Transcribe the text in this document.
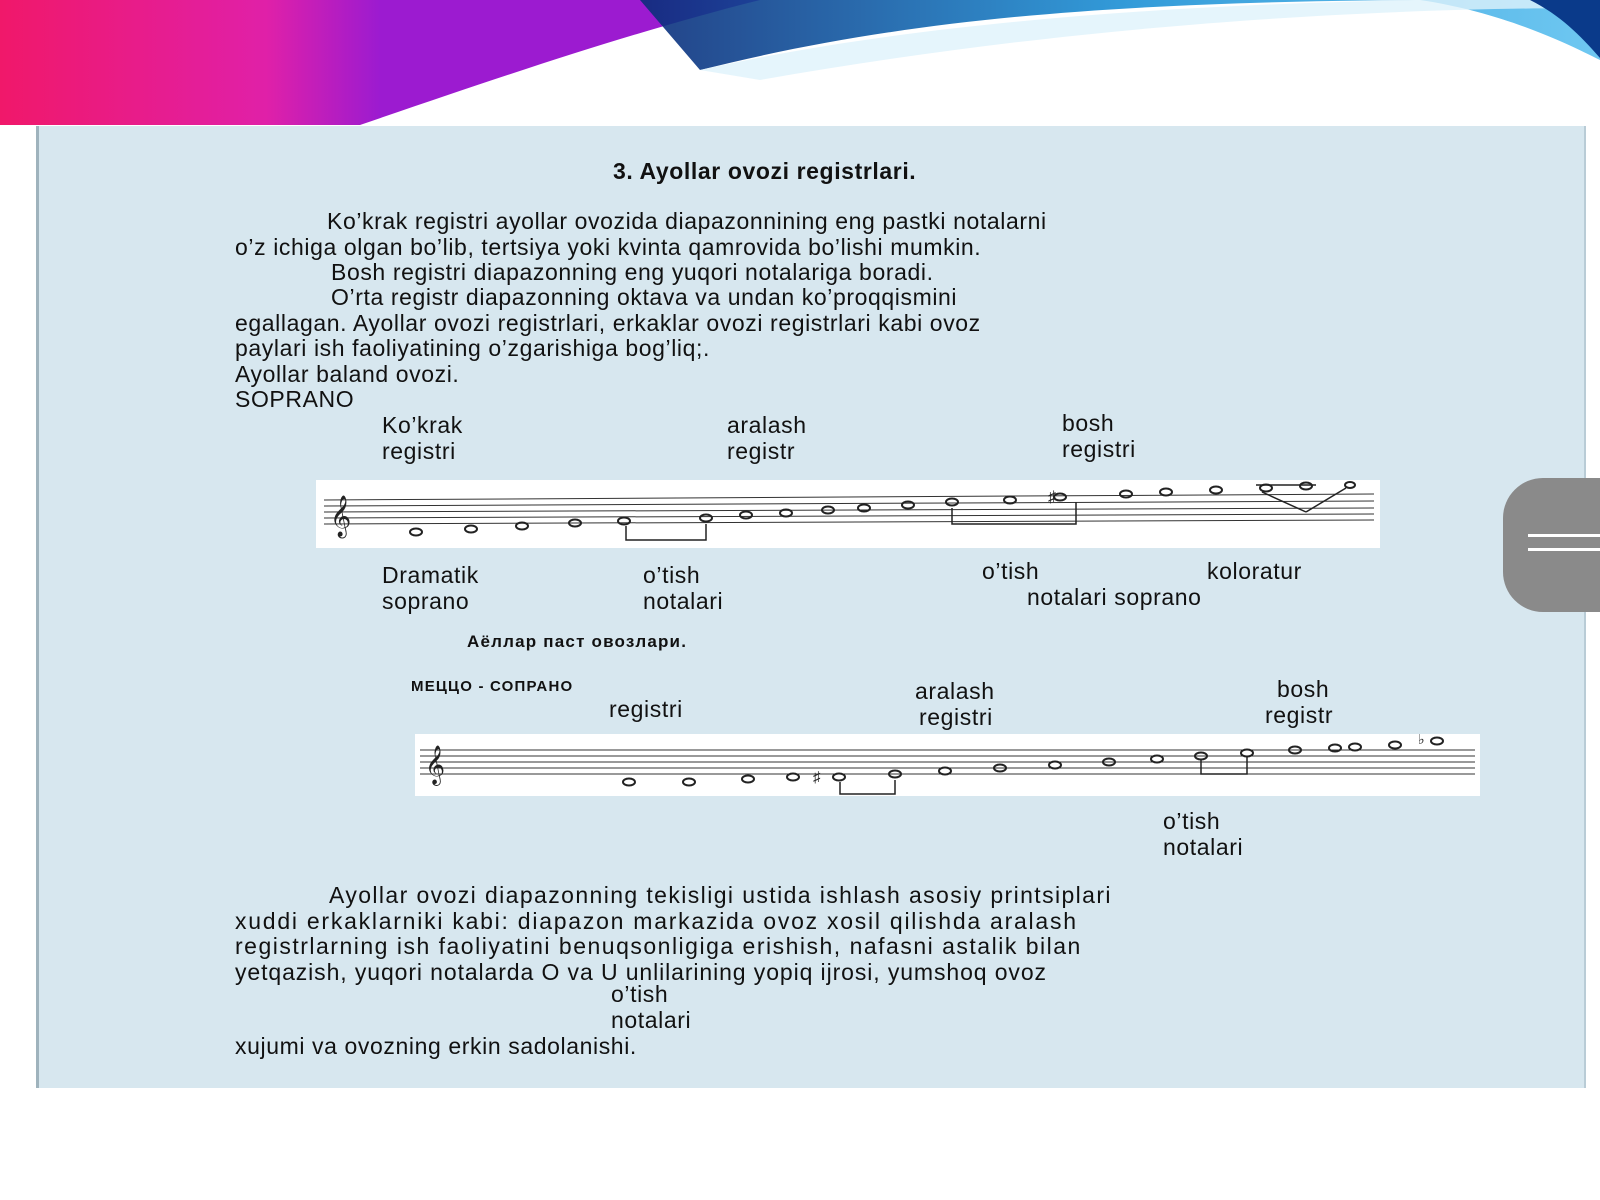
3. Ayollar ovozi registrlari.
Ko’krak registri ayollar ovozida diapazonnining eng pastki notalarni
o’z ichiga olgan bo’lib, tertsiya yoki kvinta qamrovida bo’lishi mumkin.
Bosh registri diapazonning eng yuqori notalariga boradi.
O’rta registr diapazonning oktava va undan ko’proqqismini
egallagan. Ayollar ovozi registrlari, erkaklar ovozi registrlari kabi ovoz
paylari ish faoliyatining o’zgarishiga bog’liq;.
Ayollar baland ovozi.
SOPRANO
Ko’krak
registri
aralash
registr
bosh
registri
𝄞	♯
Dramatik
soprano
o’tish
notalari
o’tish	koloratur
notalari soprano
Аёллар паст овозлари.
МЕЦЦО - СОПРАНО
registri
aralash
registri
bosh
registr
𝄞	♯
♭
o’tish
notalari
Ayollar ovozi diapazonning tekisligi ustida ishlash asosiy printsiplari
xuddi erkaklarniki kabi: diapazon markazida ovoz xosil qilishda aralash
registrlarning ish faoliyatini benuqsonligiga erishish, nafasni astalik bilan
yetqazish, yuqori notalarda O va U unlilarining yopiq ijrosi, yumshoq ovoz
o’tish
notalari
xujumi va ovozning erkin sadolanishi.
